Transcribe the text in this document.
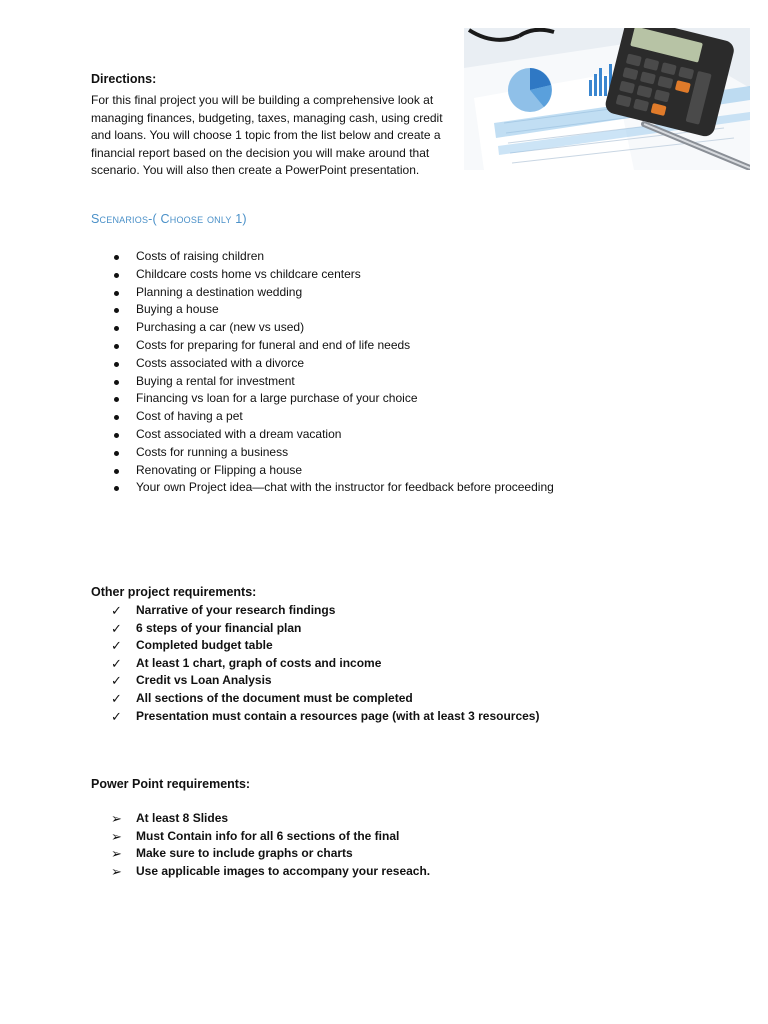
Directions:

For this final project you will be building a comprehensive look at managing finances, budgeting, taxes, managing cash, using credit and loans. You will choose 1 topic from the list below and create a financial report based on the decision you will make around that scenario. You will also then create a PowerPoint presentation.

Scenarios-( Choose only 1)

Costs of raising children
Childcare costs home vs childcare centers
Planning a destination wedding
Buying a house
Purchasing a car (new vs used)
Costs for preparing for funeral and end of life needs
Costs associated with a divorce
Buying a rental for investment
Financing vs loan for a large purchase of your choice
Cost of having a pet
Cost associated with a dream vacation
Costs for running a business
Renovating or Flipping a house
Your own Project idea—chat with the instructor for feedback before proceeding

Other project requirements:

✓ Narrative of your research findings
✓ 6 steps of your financial plan
✓ Completed budget table
✓ At least 1 chart, graph of costs and income
✓ Credit vs Loan Analysis
✓ All sections of the document must be completed
✓ Presentation must contain a resources page (with at least 3 resources)

Power Point requirements:

➢ At least 8 Slides
➢ Must Contain info for all 6 sections of the final
➢ Make sure to include graphs or charts
➢ Use applicable images to accompany your reseach.
